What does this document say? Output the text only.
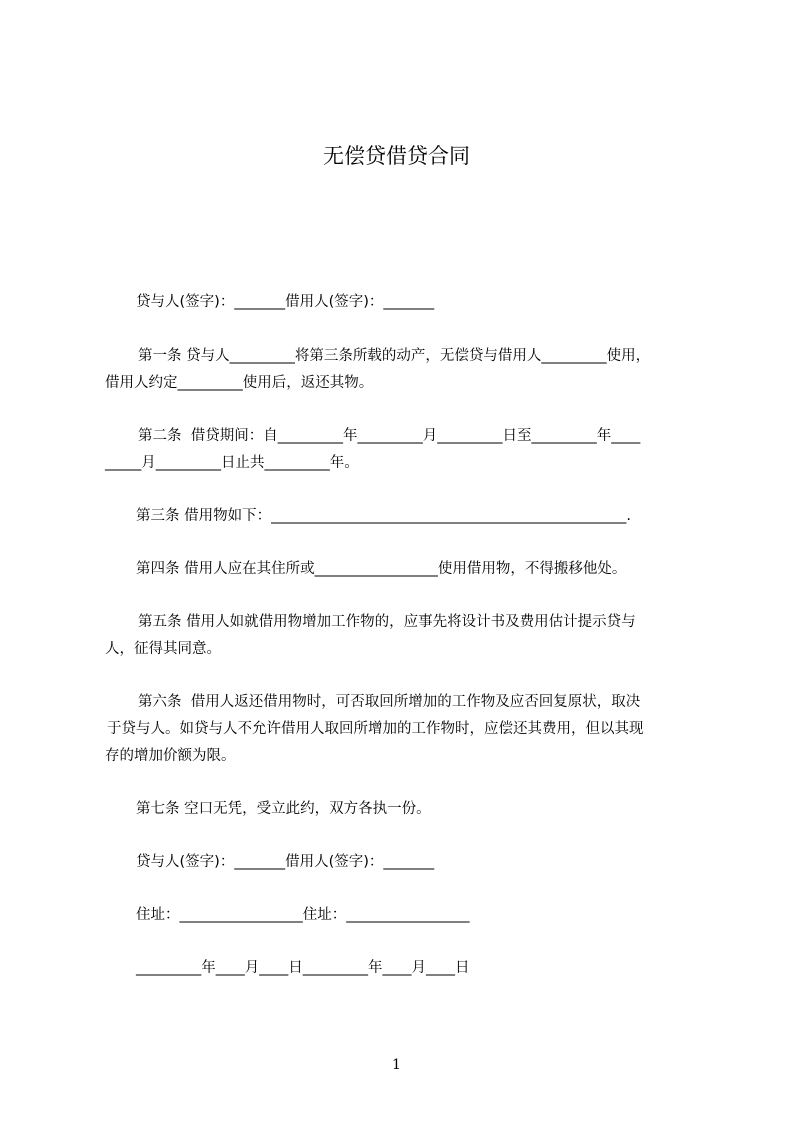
无偿贷借贷合同
贷与人(签字)：_______借用人(签字)：_______
第一条 贷与人_________将第三条所载的动产，无偿贷与借用人_________使用，
借用人约定_________使用后，返还其物。
第二条  借贷期间：自_________年_________月_________日至_________年____
_____月_________日止共_________年。
第三条 借用物如下：_________________________________________________.
第四条 借用人应在其住所或_________________使用借用物，不得搬移他处。
第五条 借用人如就借用物增加工作物的，应事先将设计书及费用估计提示贷与
人，征得其同意。
第六条  借用人返还借用物时，可否取回所增加的工作物及应否回复原状，取决
于贷与人。如贷与人不允许借用人取回所增加的工作物时，应偿还其费用，但以其现
存的增加价额为限。
第七条 空口无凭，受立此约，双方各执一份。
贷与人(签字)：_______借用人(签字)：_______
住址：_________________住址：_________________
_________年____月____日_________年____月____日
1
